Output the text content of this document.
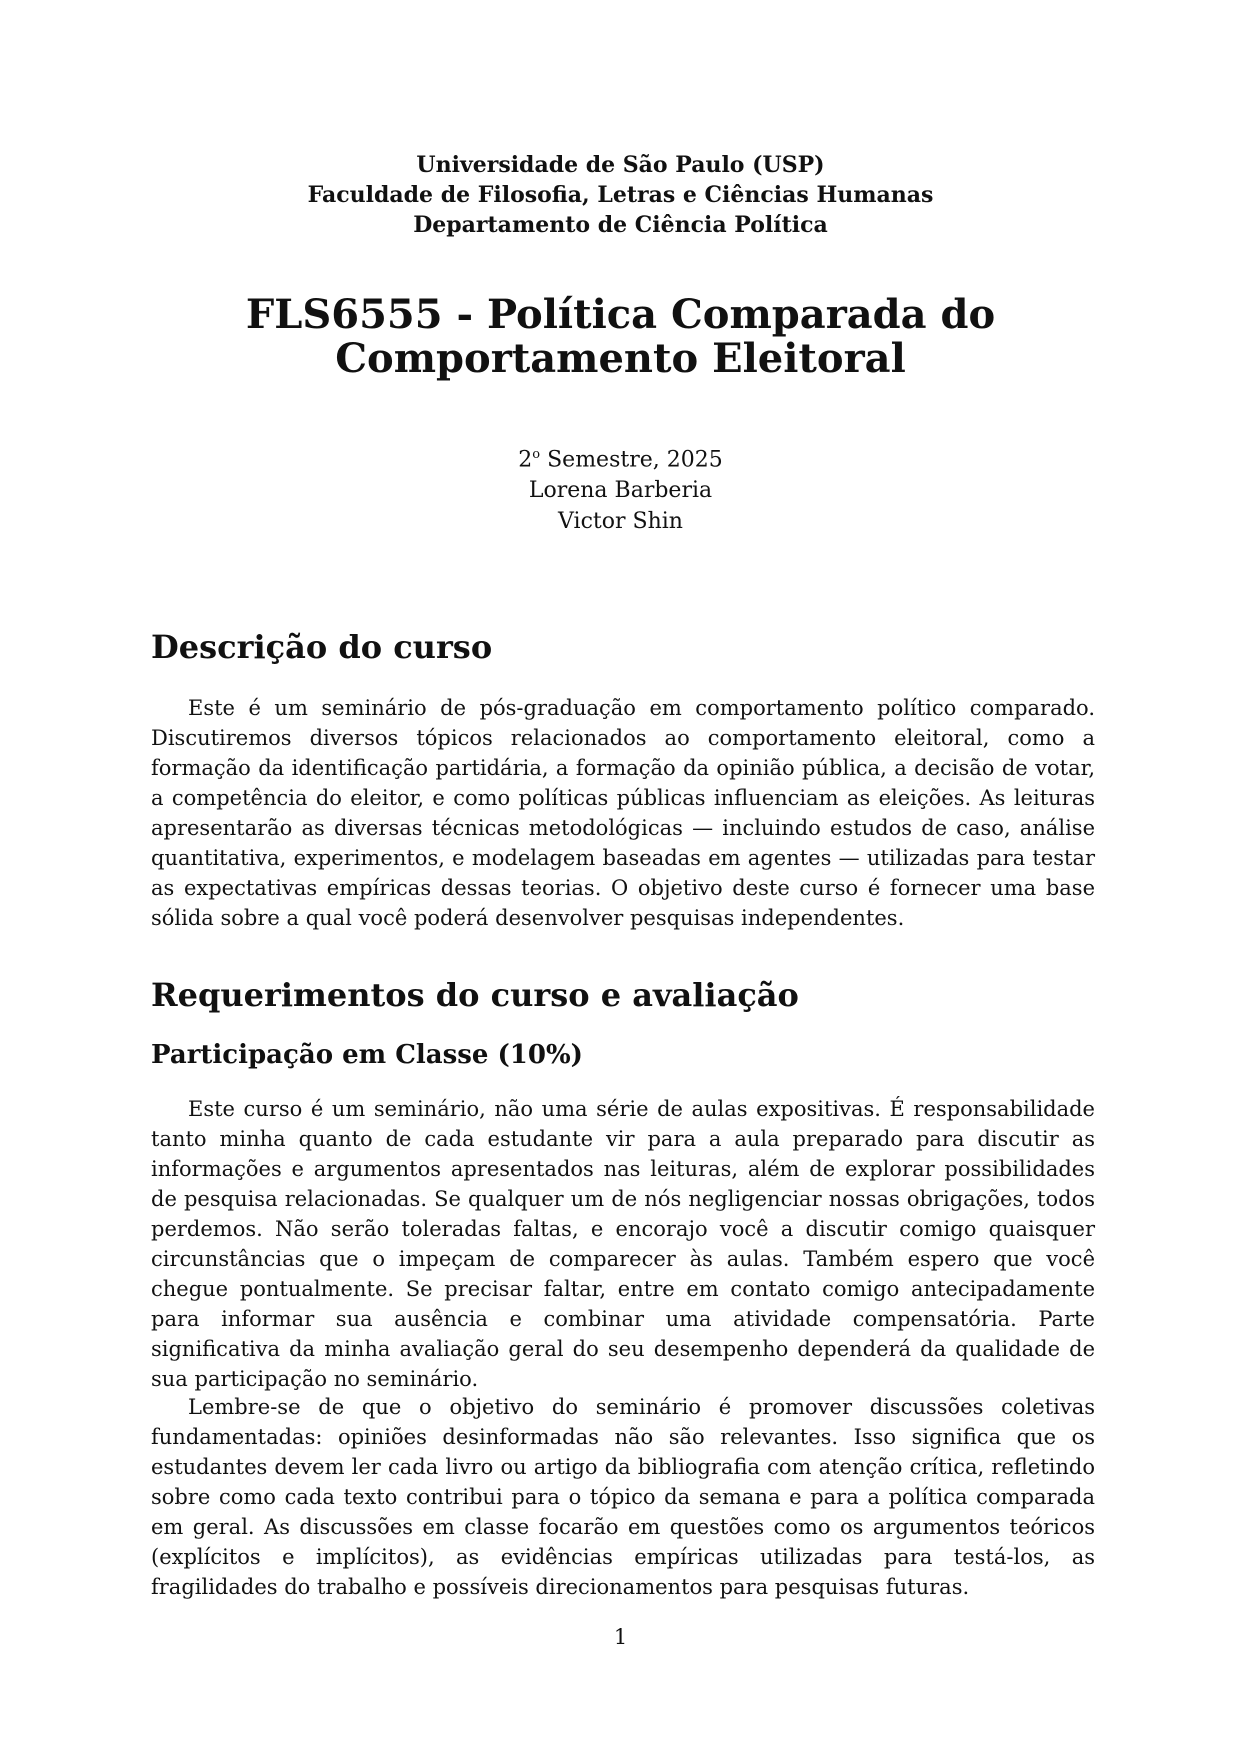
Universidade de São Paulo (USP)
Faculdade de Filosofia, Letras e Ciências Humanas
Departamento de Ciência Política
FLS6555 - Política Comparada do
Comportamento Eleitoral
2$^o$ Semestre, 2025
Lorena Barberia
Victor Shin
Descrição do curso

Este é um seminário de pós-graduação em comportamento político comparado. Discutiremos diversos tópicos relacionados ao comportamento eleitoral, como a formação da identificação partidária, a formação da opinião pública, a decisão de votar, a competência do eleitor, e como políticas públicas influenciam as eleições. As leituras apresentarão as diversas técnicas metodológicas — incluindo estudos de caso, análise quantitativa, experimentos, e modelagem baseadas em agentes — utilizadas para testar as expectativas empíricas dessas teorias. O objetivo deste curso é fornecer uma base sólida sobre a qual você poderá desenvolver pesquisas independentes.

Requerimentos do curso e avaliação
Participação em Classe (10%)

Este curso é um seminário, não uma série de aulas expositivas. É responsabilidade tanto minha quanto de cada estudante vir para a aula preparado para discutir as informações e argumentos apresentados nas leituras, além de explorar possibilidades de pesquisa relacionadas. Se qualquer um de nós negligenciar nossas obrigações, todos perdemos. Não serão toleradas faltas, e encorajo você a discutir comigo quaisquer circunstâncias que o impeçam de comparecer às aulas. Também espero que você chegue pontualmente. Se precisar faltar, entre em contato comigo antecipadamente para informar sua ausência e combinar uma atividade compensatória. Parte significativa da minha avaliação geral do seu desempenho dependerá da qualidade de sua participação no seminário.

Lembre-se de que o objetivo do seminário é promover discussões coletivas fundamentadas: opiniões desinformadas não são relevantes. Isso significa que os estudantes devem ler cada livro ou artigo da bibliografia com atenção crítica, refletindo sobre como cada texto contribui para o tópico da semana e para a política comparada em geral. As discussões em classe focarão em questões como os argumentos teóricos (explícitos e implícitos), as evidências empíricas utilizadas para testá-los, as fragilidades do trabalho e possíveis direcionamentos para pesquisas futuras.

1
